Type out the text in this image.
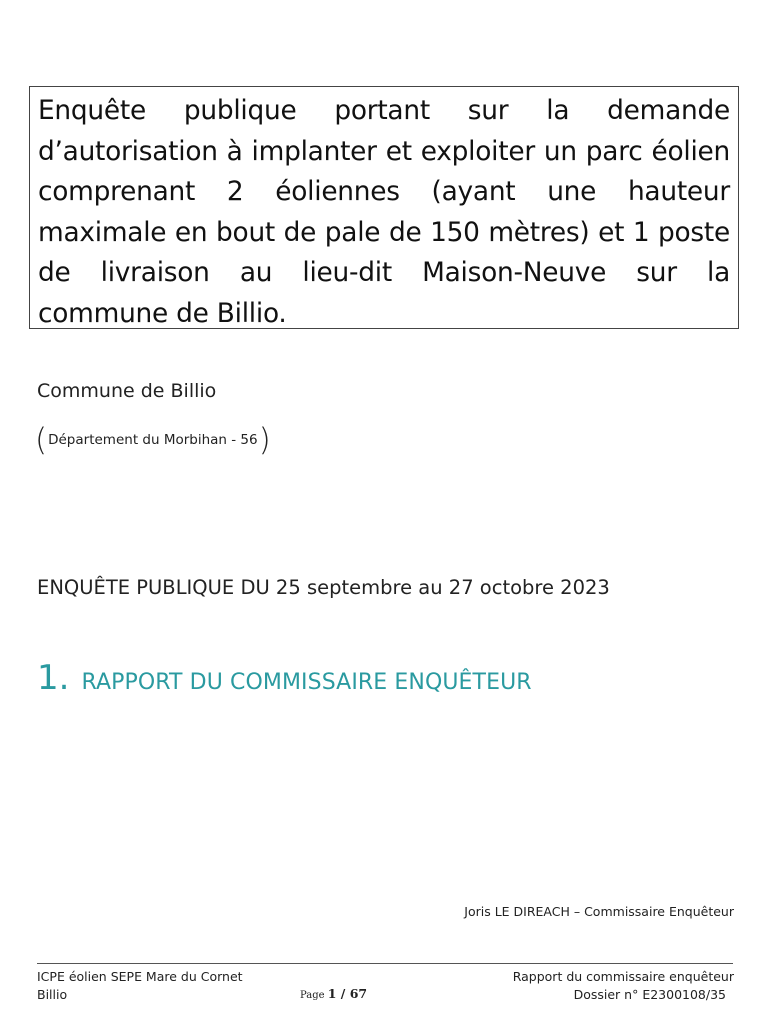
Enquête publique portant sur la demande d’autorisation à implanter et exploiter un parc éolien comprenant 2 éoliennes (ayant une hauteur maximale en bout de pale de 150 mètres) et 1 poste de livraison au lieu-dit Maison-Neuve sur la commune de Billio.
Commune de Billio
(Département du Morbihan - 56)
ENQUÊTE PUBLIQUE DU 25 septembre au 27 octobre 2023
1. RAPPORT DU COMMISSAIRE ENQUÊTEUR
Joris LE DIREACH – Commissaire Enquêteur
ICPE éolien SEPE Mare du Cornet
Billio	Page 1 / 67
Rapport du commissaire enquêteur
Dossier n° E2300108/35
